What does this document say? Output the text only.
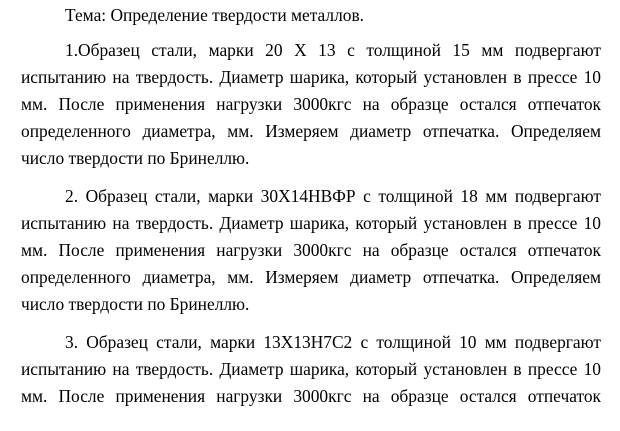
Тема: Определение твердости металлов.
1.Образец стали, марки 20 Х 13 с толщиной 15 мм подвергают
испытанию на твердость. Диаметр шарика, который установлен в прессе 10
мм. После применения нагрузки 3000кгс на образце остался отпечаток
определенного диаметра, мм. Измеряем диаметр отпечатка. Определяем
число твердости по Бринеллю.
2. Образец стали, марки 30Х14НВФР с толщиной 18 мм подвергают
испытанию на твердость. Диаметр шарика, который установлен в прессе 10
мм. После применения нагрузки 3000кгс на образце остался отпечаток
определенного диаметра, мм. Измеряем диаметр отпечатка. Определяем
число твердости по Бринеллю.
3. Образец стали, марки 13Х13Н7С2 с толщиной 10 мм подвергают
испытанию на твердость. Диаметр шарика, который установлен в прессе 10
мм. После применения нагрузки 3000кгс на образце остался отпечаток
